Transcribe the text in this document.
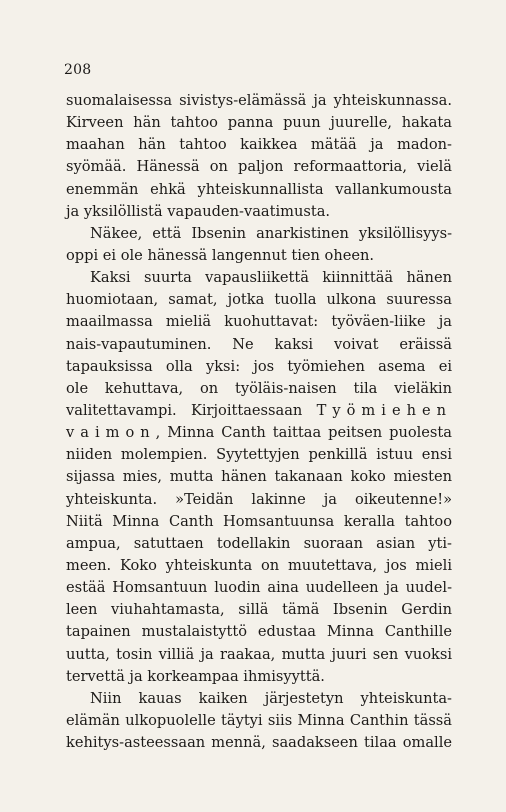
208
suomalaisessa sivistys-elämässä ja yhteiskunnassa.
Kirveen hän tahtoo panna puun juurelle, hakata
maahan hän tahtoo kaikkea mätää ja madon-
syömää. Hänessä on paljon reformaattoria, vielä
enemmän ehkä yhteiskunnallista vallankumousta
ja yksilöllistä vapauden-vaatimusta.
Näkee, että Ibsenin anarkistinen yksilöllisyys-
oppi ei ole hänessä langennut tien oheen.
Kaksi suurta vapausliikettä kiinnittää hänen
huomiotaan, samat, jotka tuolla ulkona suuressa
maailmassa mieliä kuohuttavat: työväen-liike ja
nais-vapautuminen. Ne kaksi voivat eräissä
tapauksissa olla yksi: jos työmiehen asema ei
ole kehuttava, on työläis-naisen tila vieläkin
valitettavampi. Kirjoittaessaan Työmiehen
vaimon, Minna Canth taittaa peitsen puolesta
niiden molempien. Syytettyjen penkillä istuu ensi
sijassa mies, mutta hänen takanaan koko miesten
yhteiskunta. »Teidän lakinne ja oikeutenne!»
Niitä Minna Canth Homsantuunsa keralla tahtoo
ampua, satuttaen todellakin suoraan asian yti-
meen. Koko yhteiskunta on muutettava, jos mieli
estää Homsantuun luodin aina uudelleen ja uudel-
leen viuhahtamasta, sillä tämä Ibsenin Gerdin
tapainen mustalaistyttö edustaa Minna Canthille
uutta, tosin villiä ja raakaa, mutta juuri sen vuoksi
tervettä ja korkeampaa ihmisyyttä.
Niin kauas kaiken järjestetyn yhteiskunta-
elämän ulkopuolelle täytyi siis Minna Canthin tässä
kehitys-asteessaan mennä, saadakseen tilaa omalle
